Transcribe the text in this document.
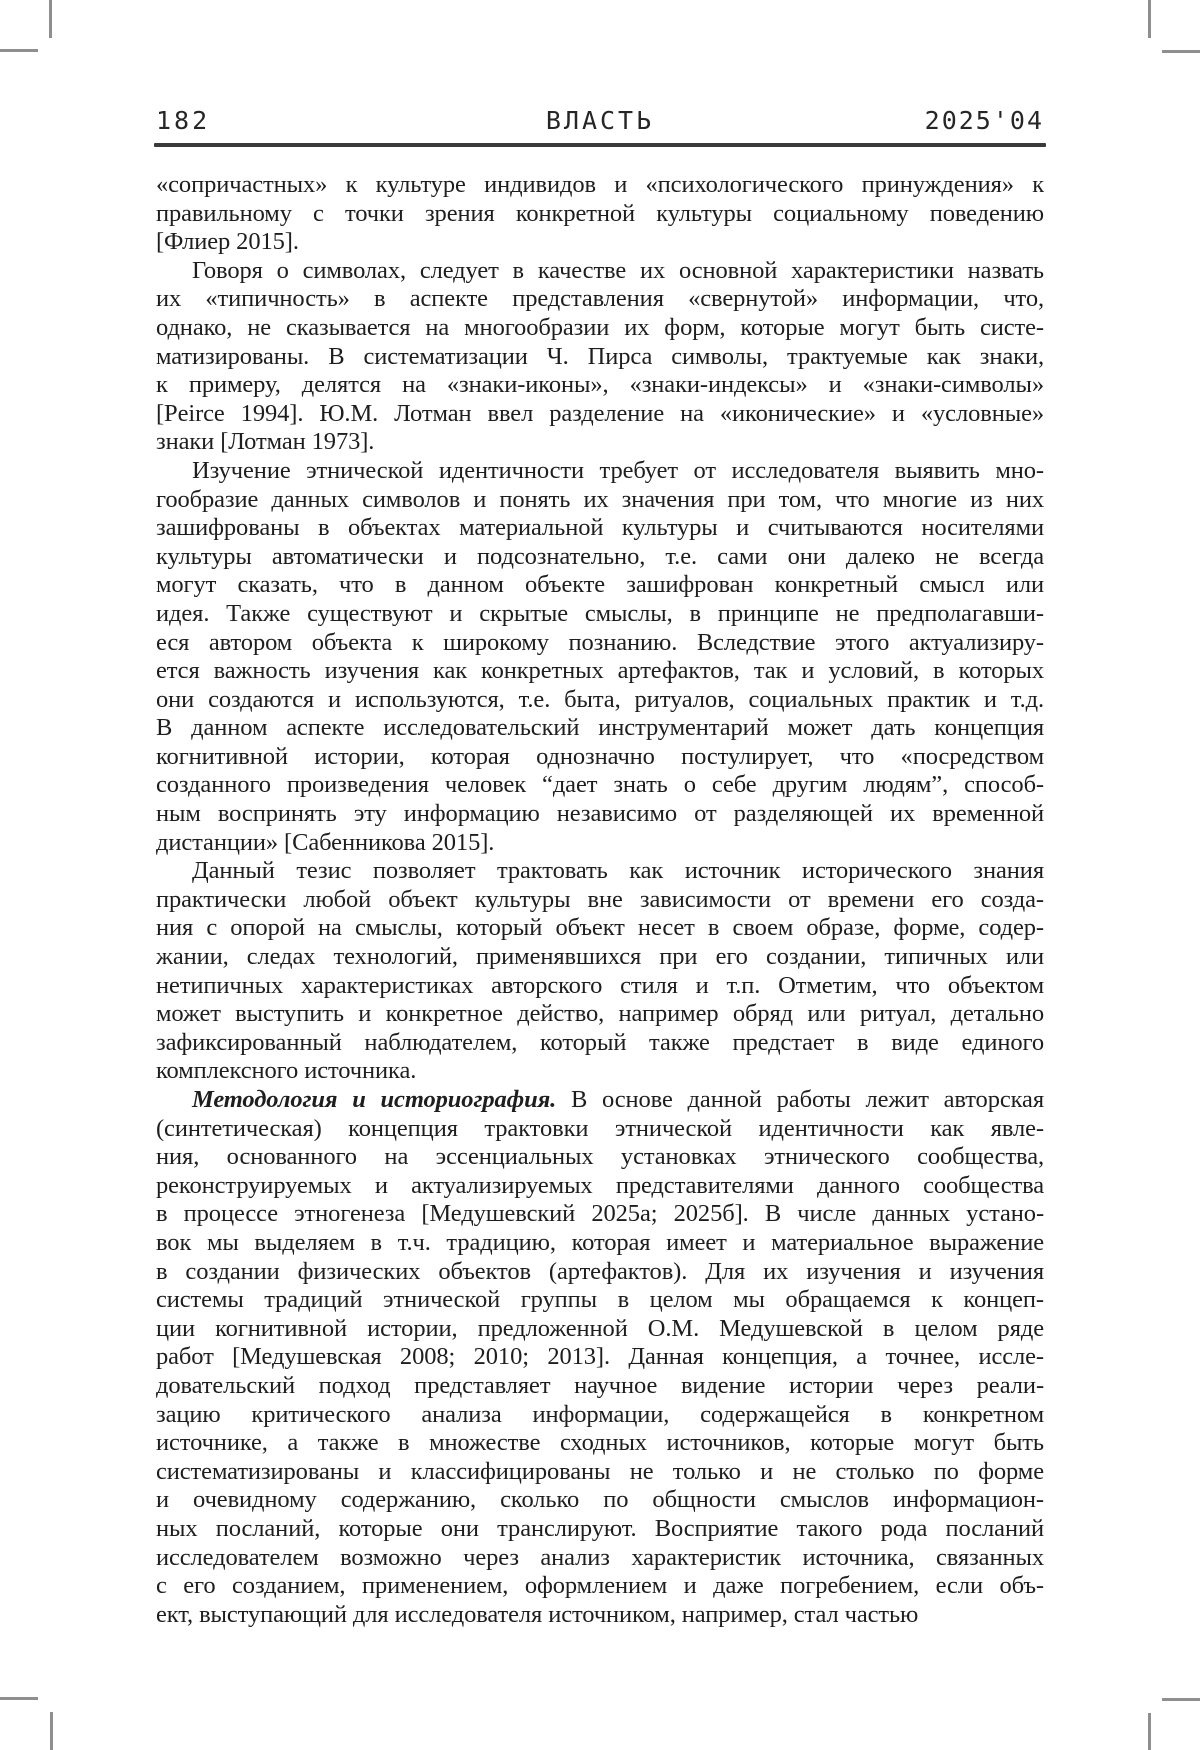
182	ВЛАСТЬ	2025'04
«сопричастных» к культуре индивидов и «психологического принуждения» к
правильному с точки зрения конкретной культуры социальному поведению
[Флиер 2015].
Говоря о символах, следует в качестве их основной характеристики назвать
их «типичность» в аспекте представления «свернутой» информации, что,
однако, не сказывается на многообразии их форм, которые могут быть систе-
матизированы. В систематизации Ч. Пирса символы, трактуемые как знаки,
к примеру, делятся на «знаки-иконы», «знаки-индексы» и «знаки-символы»
[Peirce 1994]. Ю.М. Лотман ввел разделение на «иконические» и «условные»
знаки [Лотман 1973].
Изучение этнической идентичности требует от исследователя выявить мно-
гообразие данных символов и понять их значения при том, что многие из них
зашифрованы в объектах материальной культуры и считываются носителями
культуры автоматически и подсознательно, т.е. сами они далеко не всегда
могут сказать, что в данном объекте зашифрован конкретный смысл или
идея. Также существуют и скрытые смыслы, в принципе не предполагавши-
еся автором объекта к широкому познанию. Вследствие этого актуализиру-
ется важность изучения как конкретных артефактов, так и условий, в которых
они создаются и используются, т.е. быта, ритуалов, социальных практик и т.д.
В данном аспекте исследовательский инструментарий может дать концепция
когнитивной истории, которая однозначно постулирует, что «посредством
созданного произведения человек “дает знать о себе другим людям”, способ-
ным воспринять эту информацию независимо от разделяющей их временной
дистанции» [Сабенникова 2015].
Данный тезис позволяет трактовать как источник исторического знания
практически любой объект культуры вне зависимости от времени его созда-
ния с опорой на смыслы, который объект несет в своем образе, форме, содер-
жании, следах технологий, применявшихся при его создании, типичных или
нетипичных характеристиках авторского стиля и т.п. Отметим, что объектом
может выступить и конкретное действо, например обряд или ритуал, детально
зафиксированный наблюдателем, который также предстает в виде единого
комплексного источника.
Методология и историография. В основе данной работы лежит авторская
(синтетическая) концепция трактовки этнической идентичности как явле-
ния, основанного на эссенциальных установках этнического сообщества,
реконструируемых и актуализируемых представителями данного сообщества
в процессе этногенеза [Медушевский 2025а; 2025б]. В числе данных устано-
вок мы выделяем в т.ч. традицию, которая имеет и материальное выражение
в создании физических объектов (артефактов). Для их изучения и изучения
системы традиций этнической группы в целом мы обращаемся к концеп-
ции когнитивной истории, предложенной О.М. Медушевской в целом ряде
работ [Медушевская 2008; 2010; 2013]. Данная концепция, а точнее, иссле-
довательский подход представляет научное видение истории через реали-
зацию критического анализа информации, содержащейся в конкретном
источнике, а также в множестве сходных источников, которые могут быть
систематизированы и классифицированы не только и не столько по форме
и очевидному содержанию, сколько по общности смыслов информацион-
ных посланий, которые они транслируют. Восприятие такого рода посланий
исследователем возможно через анализ характеристик источника, связанных
с его созданием, применением, оформлением и даже погребением, если объ-
ект, выступающий для исследователя источником, например, стал частью
